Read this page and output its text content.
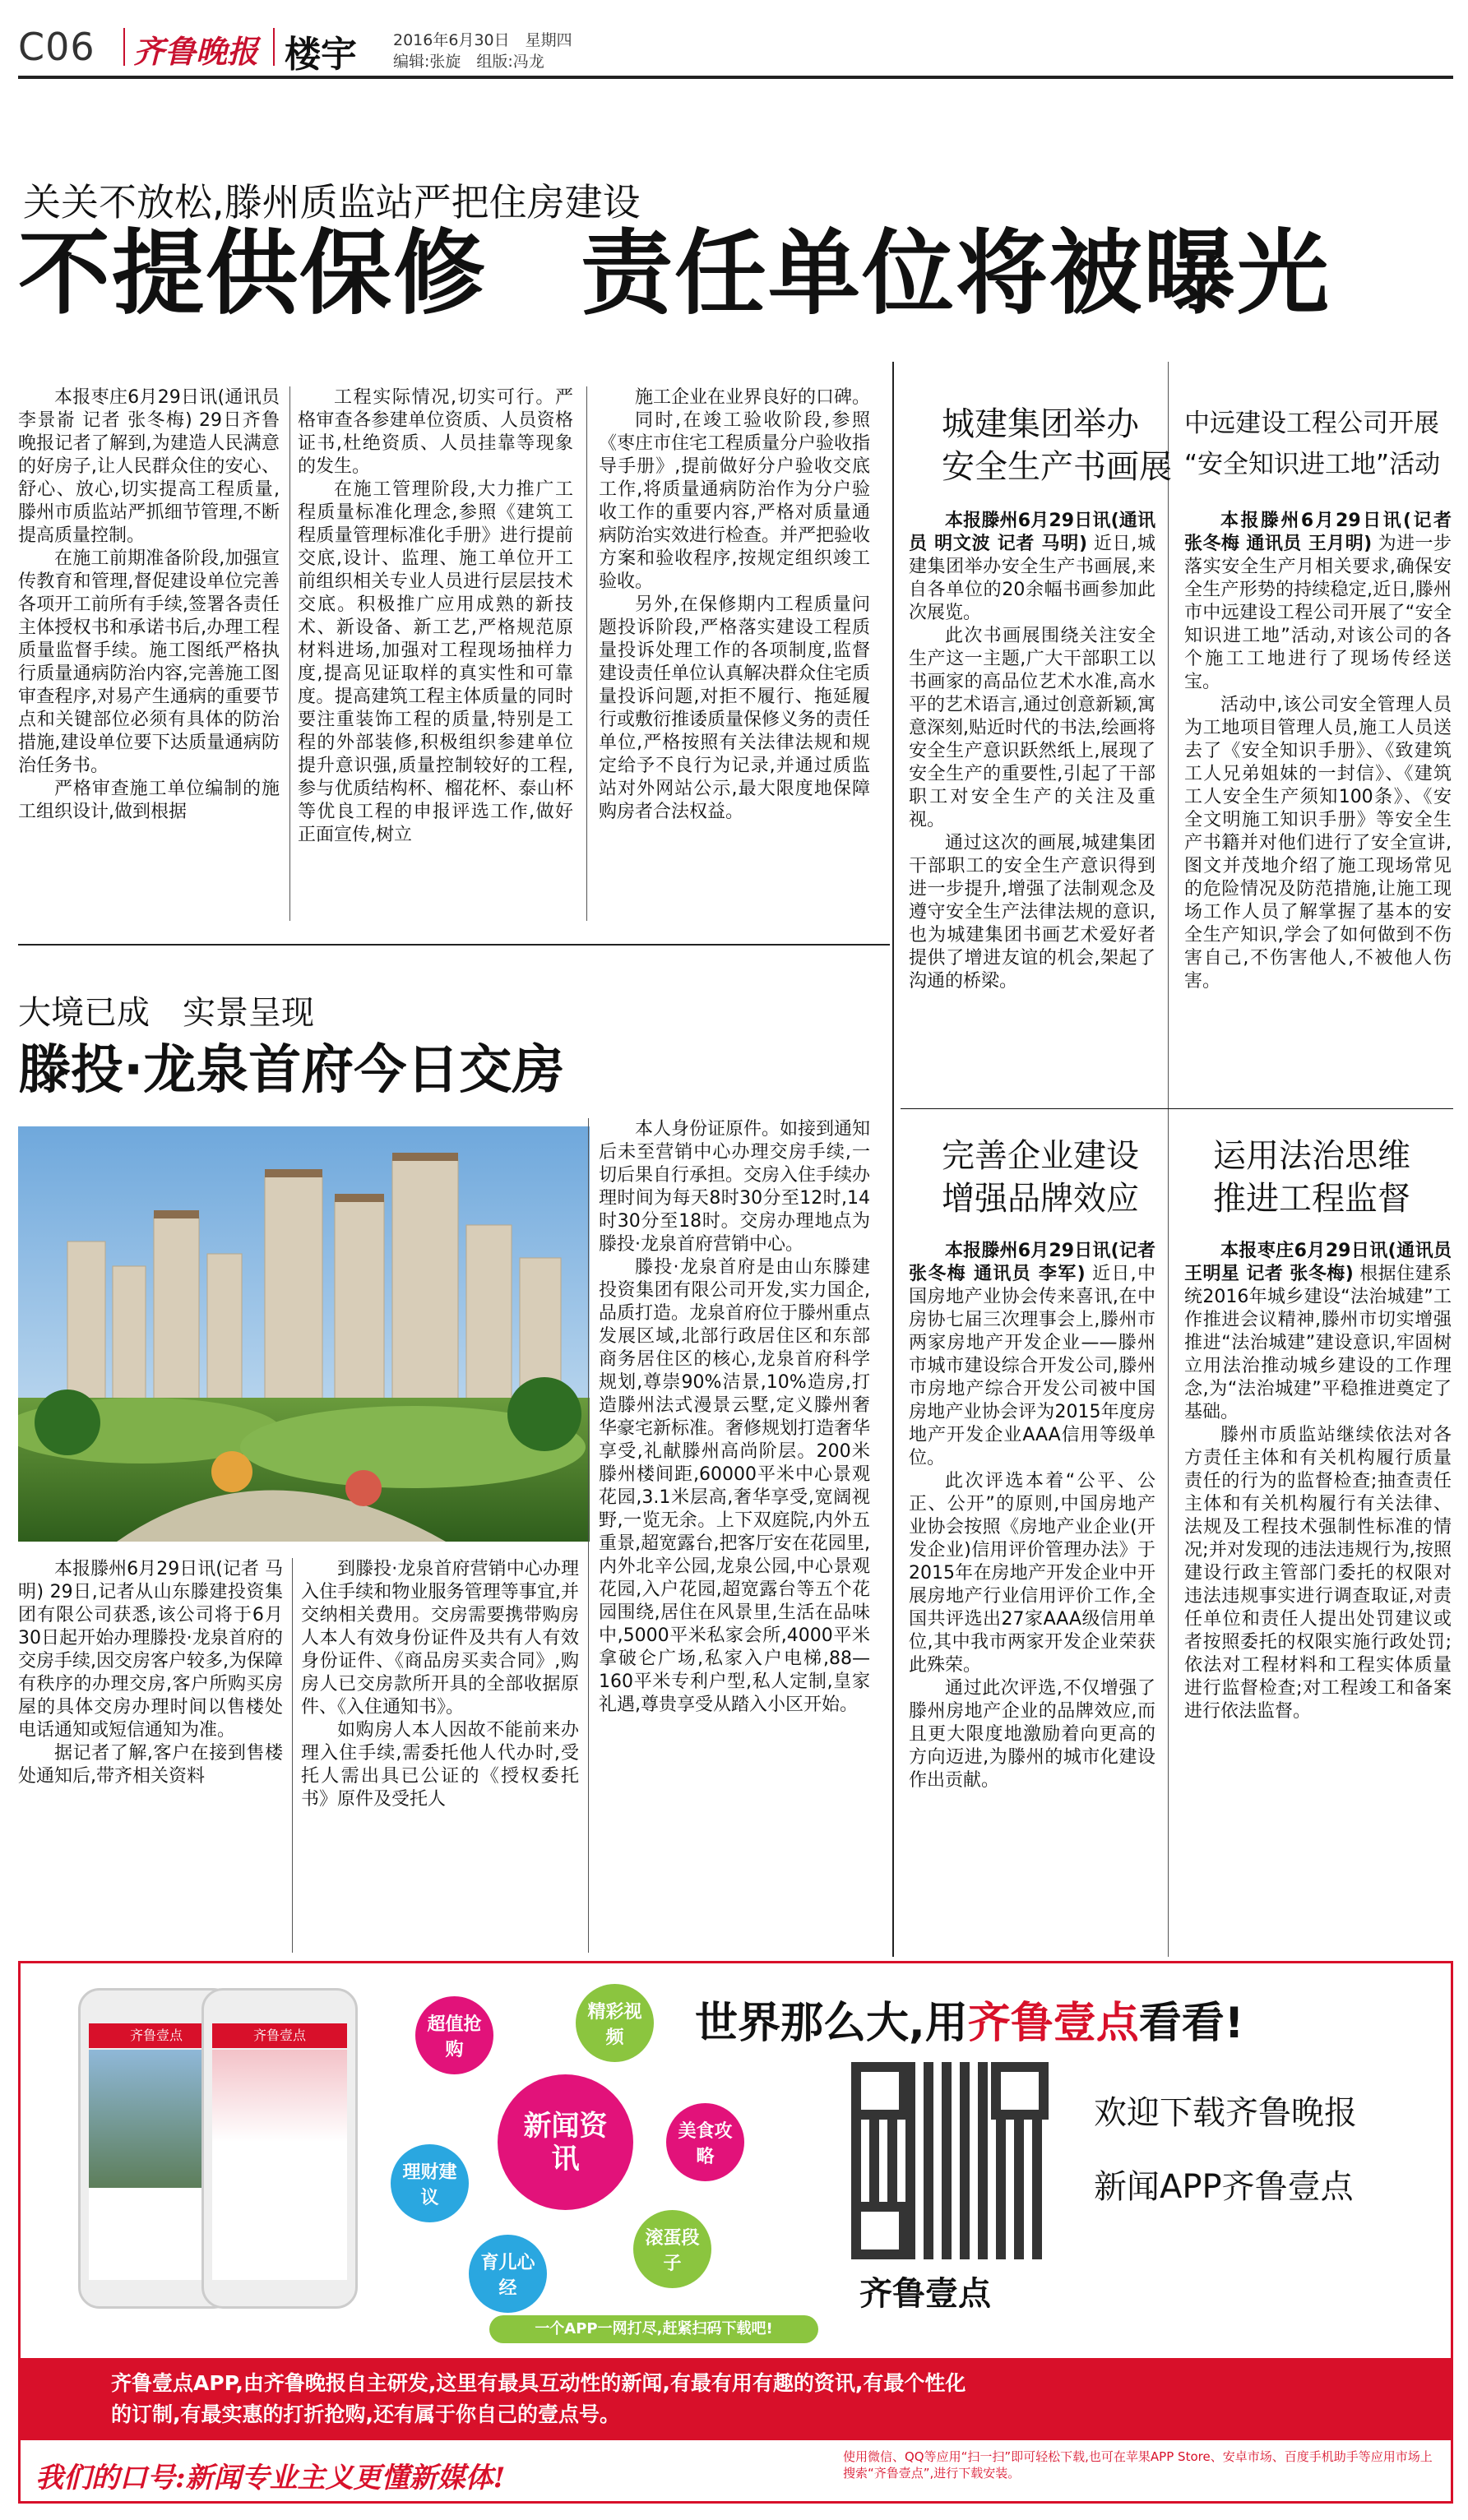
C06 齐鲁晚报 楼宇 2016年6月30日　星期四
编辑:张旋　组版:冯龙
关关不放松,滕州质监站严把住房建设
不提供保修　责任单位将被曝光

本报枣庄6月29日讯(通讯员 李景嵛 记者 张冬梅) 29日齐鲁晚报记者了解到,为建造人民满意的好房子,让人民群众住的安心、舒心、放心,切实提高工程质量,滕州市质监站严抓细节管理,不断提高质量控制。

在施工前期准备阶段,加强宣传教育和管理,督促建设单位完善各项开工前所有手续,签署各责任主体授权书和承诺书后,办理工程质量监督手续。施工图纸严格执行质量通病防治内容,完善施工图审查程序,对易产生通病的重要节点和关键部位必须有具体的防治措施,建设单位要下达质量通病防治任务书。

严格审查施工单位编制的施工组织设计,做到根据

工程实际情况,切实可行。严格审查各参建单位资质、人员资格证书,杜绝资质、人员挂靠等现象的发生。

在施工管理阶段,大力推广工程质量标准化理念,参照《建筑工程质量管理标准化手册》进行提前交底,设计、监理、施工单位开工前组织相关专业人员进行层层技术交底。积极推广应用成熟的新技术、新设备、新工艺,严格规范原材料进场,加强对工程现场抽样力度,提高见证取样的真实性和可靠度。提高建筑工程主体质量的同时要注重装饰工程的质量,特别是工程的外部装修,积极组织参建单位提升意识强,质量控制较好的工程,参与优质结构杯、榴花杯、泰山杯等优良工程的申报评选工作,做好正面宣传,树立

施工企业在业界良好的口碑。

同时,在竣工验收阶段,参照《枣庄市住宅工程质量分户验收指导手册》,提前做好分户验收交底工作,将质量通病防治作为分户验收工作的重要内容,严格对质量通病防治实效进行检查。并严把验收方案和验收程序,按规定组织竣工验收。

另外,在保修期内工程质量问题投诉阶段,严格落实建设工程质量投诉处理工作的各项制度,监督建设责任单位认真解决群众住宅质量投诉问题,对拒不履行、拖延履行或敷衍推诿质量保修义务的责任单位,严格按照有关法律法规和规定给予不良行为记录,并通过质监站对外网站公示,最大限度地保障购房者合法权益。

大境已成　实景呈现
滕投·龙泉首府今日交房

本报滕州6月29日讯(记者 马明) 29日,记者从山东滕建投资集团有限公司获悉,该公司将于6月30日起开始办理滕投·龙泉首府的交房手续,因交房客户较多,为保障有秩序的办理交房,客户所购买房屋的具体交房办理时间以售楼处电话通知或短信通知为准。

据记者了解,客户在接到售楼处通知后,带齐相关资料

到滕投·龙泉首府营销中心办理入住手续和物业服务管理等事宜,并交纳相关费用。交房需要携带购房人本人有效身份证件及共有人有效身份证件、《商品房买卖合同》,购房人已交房款所开具的全部收据原件、《入住通知书》。

如购房人本人因故不能前来办理入住手续,需委托他人代办时,受托人需出具已公证的《授权委托书》原件及受托人

本人身份证原件。如接到通知后未至营销中心办理交房手续,一切后果自行承担。交房入住手续办理时间为每天8时30分至12时,14时30分至18时。交房办理地点为滕投·龙泉首府营销中心。

滕投·龙泉首府是由山东滕建投资集团有限公司开发,实力国企,品质打造。龙泉首府位于滕州重点发展区域,北部行政居住区和东部商务居住区的核心,龙泉首府科学规划,尊崇90%洁景,10%造房,打造滕州法式漫景云墅,定义滕州奢华豪宅新标准。奢修规划打造奢华享受,礼献滕州高尚阶层。200米滕州楼间距,60000平米中心景观花园,3.1米层高,奢华享受,宽阔视野,一览无余。上下双庭院,内外五重景,超宽露台,把客厅安在花园里,内外北辛公园,龙泉公园,中心景观花园,入户花园,超宽露台等五个花园围绕,居住在风景里,生活在品味中,5000平米私家会所,4000平米拿破仑广场,私家入户电梯,88—160平米专利户型,私人定制,皇家礼遇,尊贵享受从踏入小区开始。

城建集团举办
安全生产书画展

本报滕州6月29日讯(通讯员 明文波 记者 马明) 近日,城建集团举办安全生产书画展,来自各单位的20余幅书画参加此次展览。

此次书画展围绕关注安全生产这一主题,广大干部职工以书画家的高品位艺术水准,高水平的艺术语言,通过创意新颖,寓意深刻,贴近时代的书法,绘画将安全生产意识跃然纸上,展现了安全生产的重要性,引起了干部职工对安全生产的关注及重视。

通过这次的画展,城建集团干部职工的安全生产意识得到进一步提升,增强了法制观念及遵守安全生产法律法规的意识,也为城建集团书画艺术爱好者提供了增进友谊的机会,架起了沟通的桥梁。

中远建设工程公司开展
“安全知识进工地”活动

本报滕州6月29日讯(记者 张冬梅 通讯员 王月明) 为进一步落实安全生产月相关要求,确保安全生产形势的持续稳定,近日,滕州市中远建设工程公司开展了“安全知识进工地”活动,对该公司的各个施工工地进行了现场传经送宝。

活动中,该公司安全管理人员为工地项目管理人员,施工人员送去了《安全知识手册》、《致建筑工人兄弟姐妹的一封信》、《建筑工人安全生产须知100条》、《安全文明施工知识手册》等安全生产书籍并对他们进行了安全宣讲,图文并茂地介绍了施工现场常见的危险情况及防范措施,让施工现场工作人员了解掌握了基本的安全生产知识,学会了如何做到不伤害自己,不伤害他人,不被他人伤害。

完善企业建设
增强品牌效应

本报滕州6月29日讯(记者 张冬梅 通讯员 李军) 近日,中国房地产业协会传来喜讯,在中房协七届三次理事会上,滕州市两家房地产开发企业——滕州市城市建设综合开发公司,滕州市房地产综合开发公司被中国房地产业协会评为2015年度房地产开发企业AAA信用等级单位。

此次评选本着“公平、公正、公开”的原则,中国房地产业协会按照《房地产业企业(开发企业)信用评价管理办法》于2015年在房地产开发企业中开展房地产行业信用评价工作,全国共评选出27家AAA级信用单位,其中我市两家开发企业荣获此殊荣。

通过此次评选,不仅增强了滕州房地产企业的品牌效应,而且更大限度地激励着向更高的方向迈进,为滕州的城市化建设作出贡献。

运用法治思维
推进工程监督

本报枣庄6月29日讯(通讯员 王明星 记者 张冬梅) 根据住建系统2016年城乡建设“法治城建”工作推进会议精神,滕州市切实增强推进“法治城建”建设意识,牢固树立用法治推动城乡建设的工作理念,为“法治城建”平稳推进奠定了基础。

滕州市质监站继续依法对各方责任主体和有关机构履行质量责任的行为的监督检查;抽查责任主体和有关机构履行有关法律、法规及工程技术强制性标准的情况;并对发现的违法违规行为,按照建设行政主管部门委托的权限对违法违规事实进行调查取证,对责任单位和责任人提出处罚建议或者按照委托的权限实施行政处罚;依法对工程材料和工程实体质量进行监督检查;对工程竣工和备案进行依法监督。

齐鲁壹点	齐鲁壹点
新闻资讯
超值抢购
精彩视频
美食攻略
理财建议
育儿心经
滚蛋段子
一个APP一网打尽,赶紧扫码下载吧!
世界那么大,用齐鲁壹点看看!
齐鲁壹点
欢迎下载齐鲁晚报
新闻APP齐鲁壹点
齐鲁壹点APP,由齐鲁晚报自主研发,这里有最具互动性的新闻,有最有用有趣的资讯,有最个性化
的订制,有最实惠的打折抢购,还有属于你自己的壹点号。
我们的口号:新闻专业主义更懂新媒体!
使用微信、QQ等应用“扫一扫”即可轻松下载,也可在苹果APP Store、安卓市场、百度手机助手等应用市场上搜索“齐鲁壹点”,进行下载安装。
